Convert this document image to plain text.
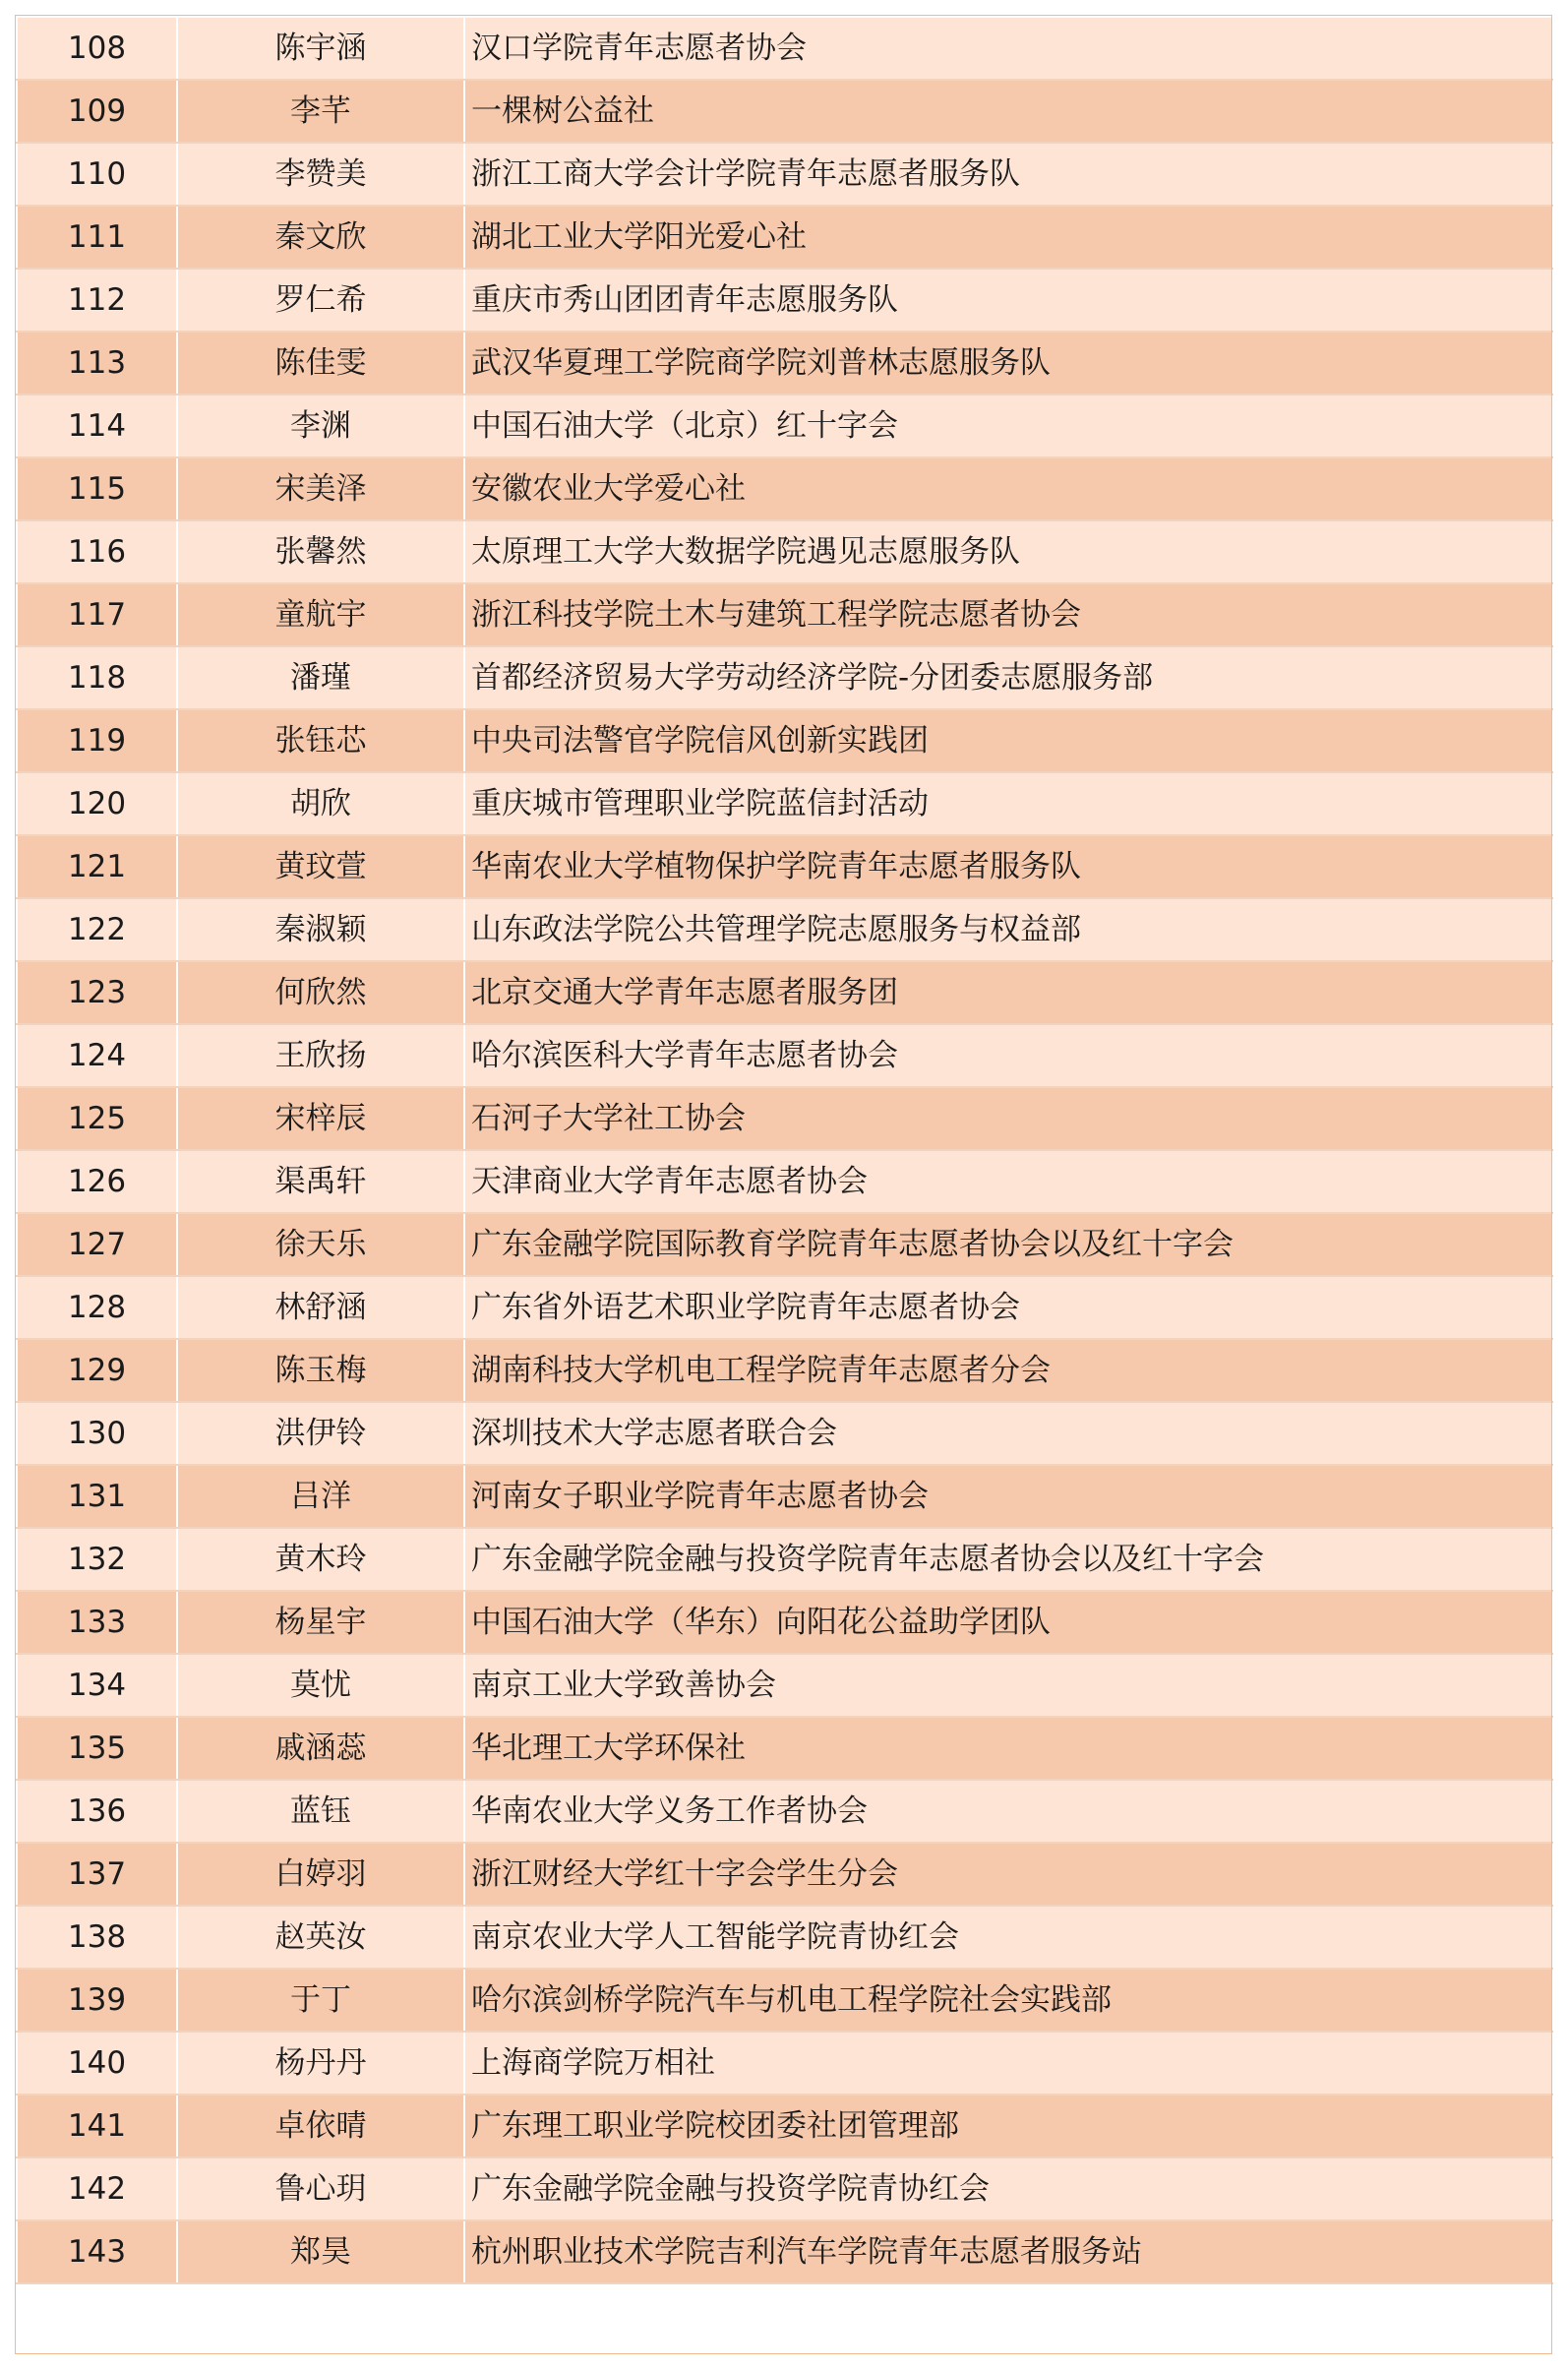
108	陈宇涵	汉口学院青年志愿者协会
109	李芊	一棵树公益社
110	李赞美	浙江工商大学会计学院青年志愿者服务队
111	秦文欣	湖北工业大学阳光爱心社
112	罗仁希	重庆市秀山团团青年志愿服务队
113	陈佳雯	武汉华夏理工学院商学院刘普林志愿服务队
114	李渊	中国石油大学（北京）红十字会
115	宋美泽	安徽农业大学爱心社
116	张馨然	太原理工大学大数据学院遇见志愿服务队
117	童航宇	浙江科技学院土木与建筑工程学院志愿者协会
118	潘瑾	首都经济贸易大学劳动经济学院-分团委志愿服务部
119	张钰芯	中央司法警官学院信风创新实践团
120	胡欣	重庆城市管理职业学院蓝信封活动
121	黄玟萱	华南农业大学植物保护学院青年志愿者服务队
122	秦淑颖	山东政法学院公共管理学院志愿服务与权益部
123	何欣然	北京交通大学青年志愿者服务团
124	王欣扬	哈尔滨医科大学青年志愿者协会
125	宋梓辰	石河子大学社工协会
126	渠禹轩	天津商业大学青年志愿者协会
127	徐天乐	广东金融学院国际教育学院青年志愿者协会以及红十字会
128	林舒涵	广东省外语艺术职业学院青年志愿者协会
129	陈玉梅	湖南科技大学机电工程学院青年志愿者分会
130	洪伊铃	深圳技术大学志愿者联合会
131	吕洋	河南女子职业学院青年志愿者协会
132	黄木玲	广东金融学院金融与投资学院青年志愿者协会以及红十字会
133	杨星宇	中国石油大学（华东）向阳花公益助学团队
134	莫忧	南京工业大学致善协会
135	戚涵蕊	华北理工大学环保社
136	蓝钰	华南农业大学义务工作者协会
137	白婷羽	浙江财经大学红十字会学生分会
138	赵英汝	南京农业大学人工智能学院青协红会
139	于丁	哈尔滨剑桥学院汽车与机电工程学院社会实践部
140	杨丹丹	上海商学院万相社
141	卓依晴	广东理工职业学院校团委社团管理部
142	鲁心玥	广东金融学院金融与投资学院青协红会
143	郑昊	杭州职业技术学院吉利汽车学院青年志愿者服务站
